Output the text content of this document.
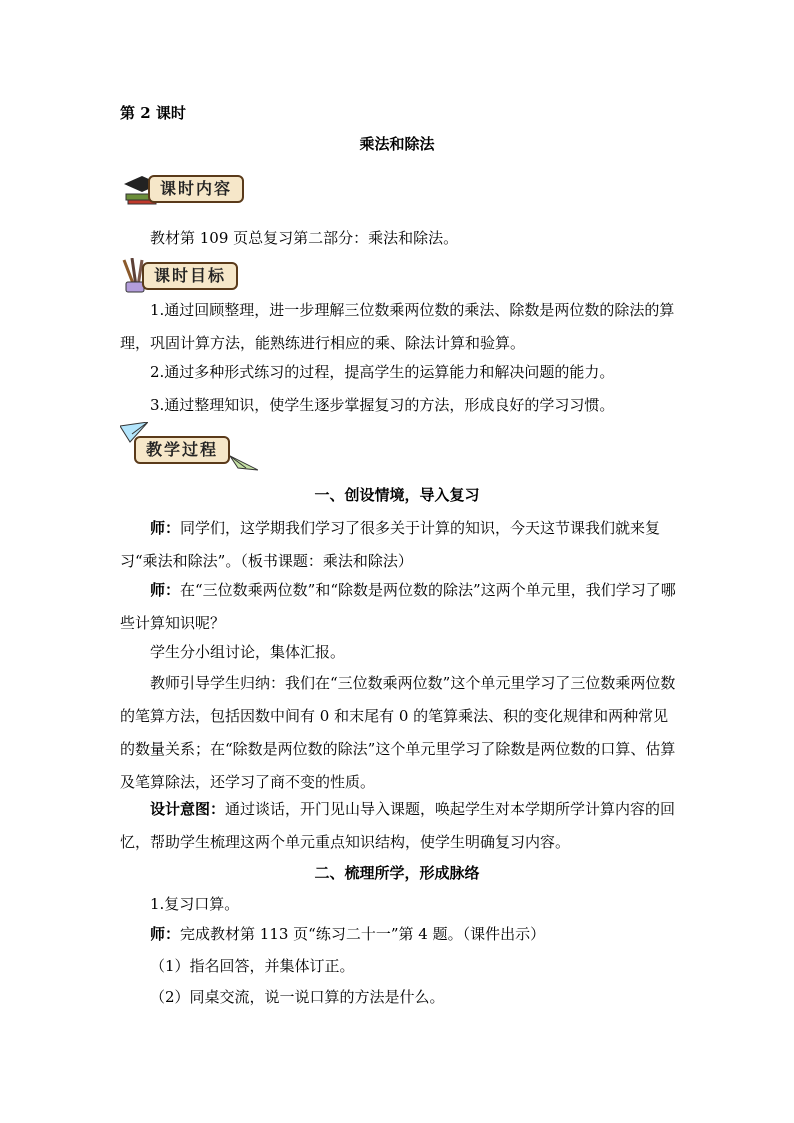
第 2 课时
乘法和除法
课时内容
教材第 109 页总复习第二部分：乘法和除法。
课时目标
1.通过回顾整理，进一步理解三位数乘两位数的乘法、除数是两位数的除法的算理，巩固计算方法，能熟练进行相应的乘、除法计算和验算。
2.通过多种形式练习的过程，提高学生的运算能力和解决问题的能力。
3.通过整理知识，使学生逐步掌握复习的方法，形成良好的学习习惯。
教学过程
一、创设情境，导入复习
师：同学们，这学期我们学习了很多关于计算的知识，今天这节课我们就来复习“乘法和除法”。（板书课题：乘法和除法）
师：在“三位数乘两位数”和“除数是两位数的除法”这两个单元里，我们学习了哪些计算知识呢？
学生分小组讨论，集体汇报。
教师引导学生归纳：我们在“三位数乘两位数”这个单元里学习了三位数乘两位数的笔算方法，包括因数中间有 0 和末尾有 0 的笔算乘法、积的变化规律和两种常见的数量关系；在“除数是两位数的除法”这个单元里学习了除数是两位数的口算、估算及笔算除法，还学习了商不变的性质。
设计意图：通过谈话，开门见山导入课题，唤起学生对本学期所学计算内容的回忆，帮助学生梳理这两个单元重点知识结构，使学生明确复习内容。
二、梳理所学，形成脉络
1.复习口算。
师：完成教材第 113 页“练习二十一”第 4 题。（课件出示）
（1）指名回答，并集体订正。
（2）同桌交流，说一说口算的方法是什么。
